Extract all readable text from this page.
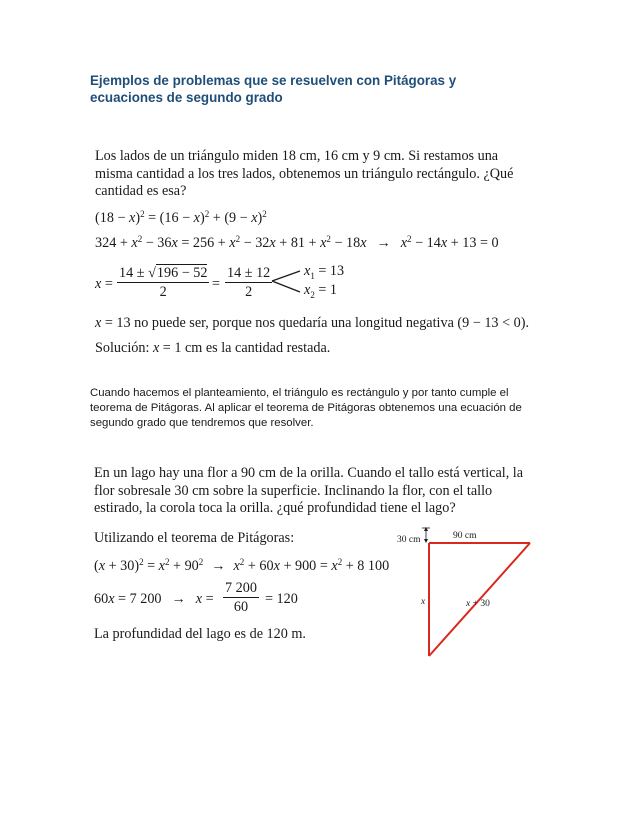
Ejemplos de problemas que se resuelven con Pitágoras y
ecuaciones de segundo grado

Los lados de un triángulo miden 18 cm, 16 cm y 9 cm. Si restamos una
misma cantidad a los tres lados, obtenemos un triángulo rectángulo. ¿Qué
cantidad es esa?

$(18 - x)^2 = (16 - x)^2 + (9 - x)^2$
$324 + x^2 - 36x = 256 + x^2 - 32x + 81 + x^2 - 18x \to x^2 - 14x + 13 = 0$
$x = \frac{14 \pm √196 - 52}{2} = \frac{14 \pm 12}{2} x_1 = 13$
$x_2 = 1$
x = 13 no puede ser, porque nos quedaría una longitud negativa (9 − 13 < 0).
Solución: x = 1 cm es la cantidad restada.

Cuando hacemos el planteamiento, el triángulo es rectángulo y por tanto cumple el
teorema de Pitágoras. Al aplicar el teorema de Pitágoras obtenemos una ecuación de
segundo grado que tendremos que resolver.

En un lago hay una flor a 90 cm de la orilla. Cuando el tallo está vertical, la
flor sobresale 30 cm sobre la superficie. Inclinando la flor, con el tallo
estirado, la corola toca la orilla. ¿qué profundidad tiene el lago?

Utilizando el teorema de Pitágoras:
$(x + 30)^2 = x^2 + 90^2 \to x^2 + 60x + 900 = x^2 + 8$ 100
60x = 7 $200 \to x = \frac{7 200}{60} = 120$
La profundidad del lago es de 120 m.
30 cm	90 cm
x	x + 30
